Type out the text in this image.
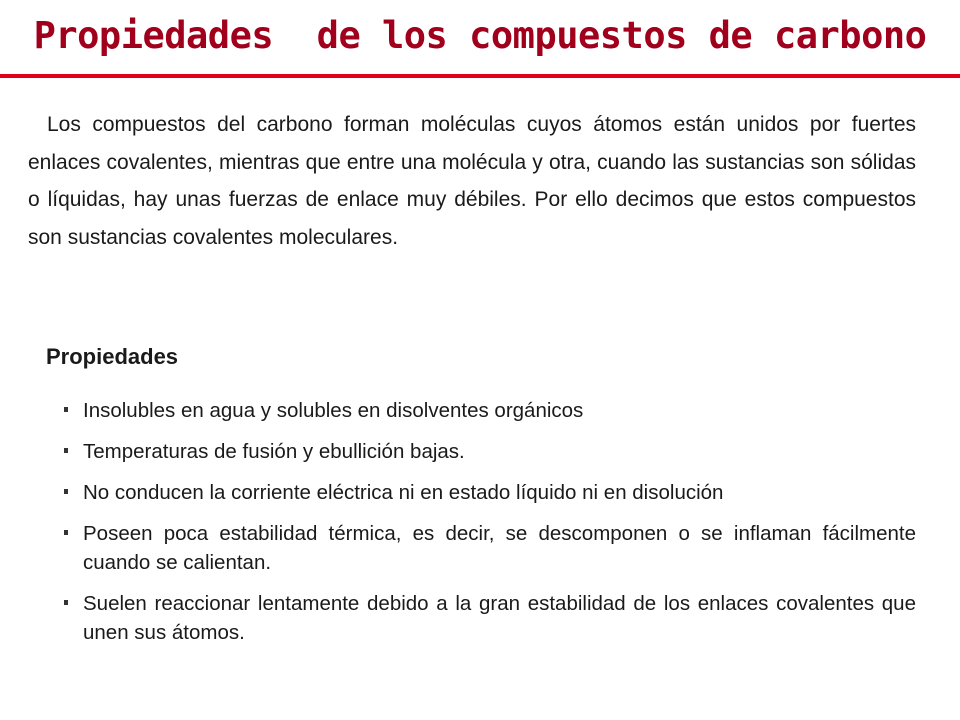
Propiedades  de los compuestos de carbono

Los compuestos del carbono forman moléculas cuyos átomos están unidos por fuertes enlaces covalentes, mientras que entre una molécula y otra, cuando las sustancias son sólidas o líquidas, hay unas fuerzas de enlace muy débiles. Por ello decimos que estos compuestos son sustancias covalentes moleculares.

Propiedades
Insolubles en agua y solubles en disolventes orgánicos
Temperaturas de fusión y ebullición bajas.
No conducen la corriente eléctrica ni en estado líquido ni en disolución
Poseen poca estabilidad térmica, es decir, se descomponen o se inflaman fácilmente cuando se calientan.
Suelen reaccionar lentamente debido a la gran estabilidad de los enlaces covalentes que unen sus átomos.
